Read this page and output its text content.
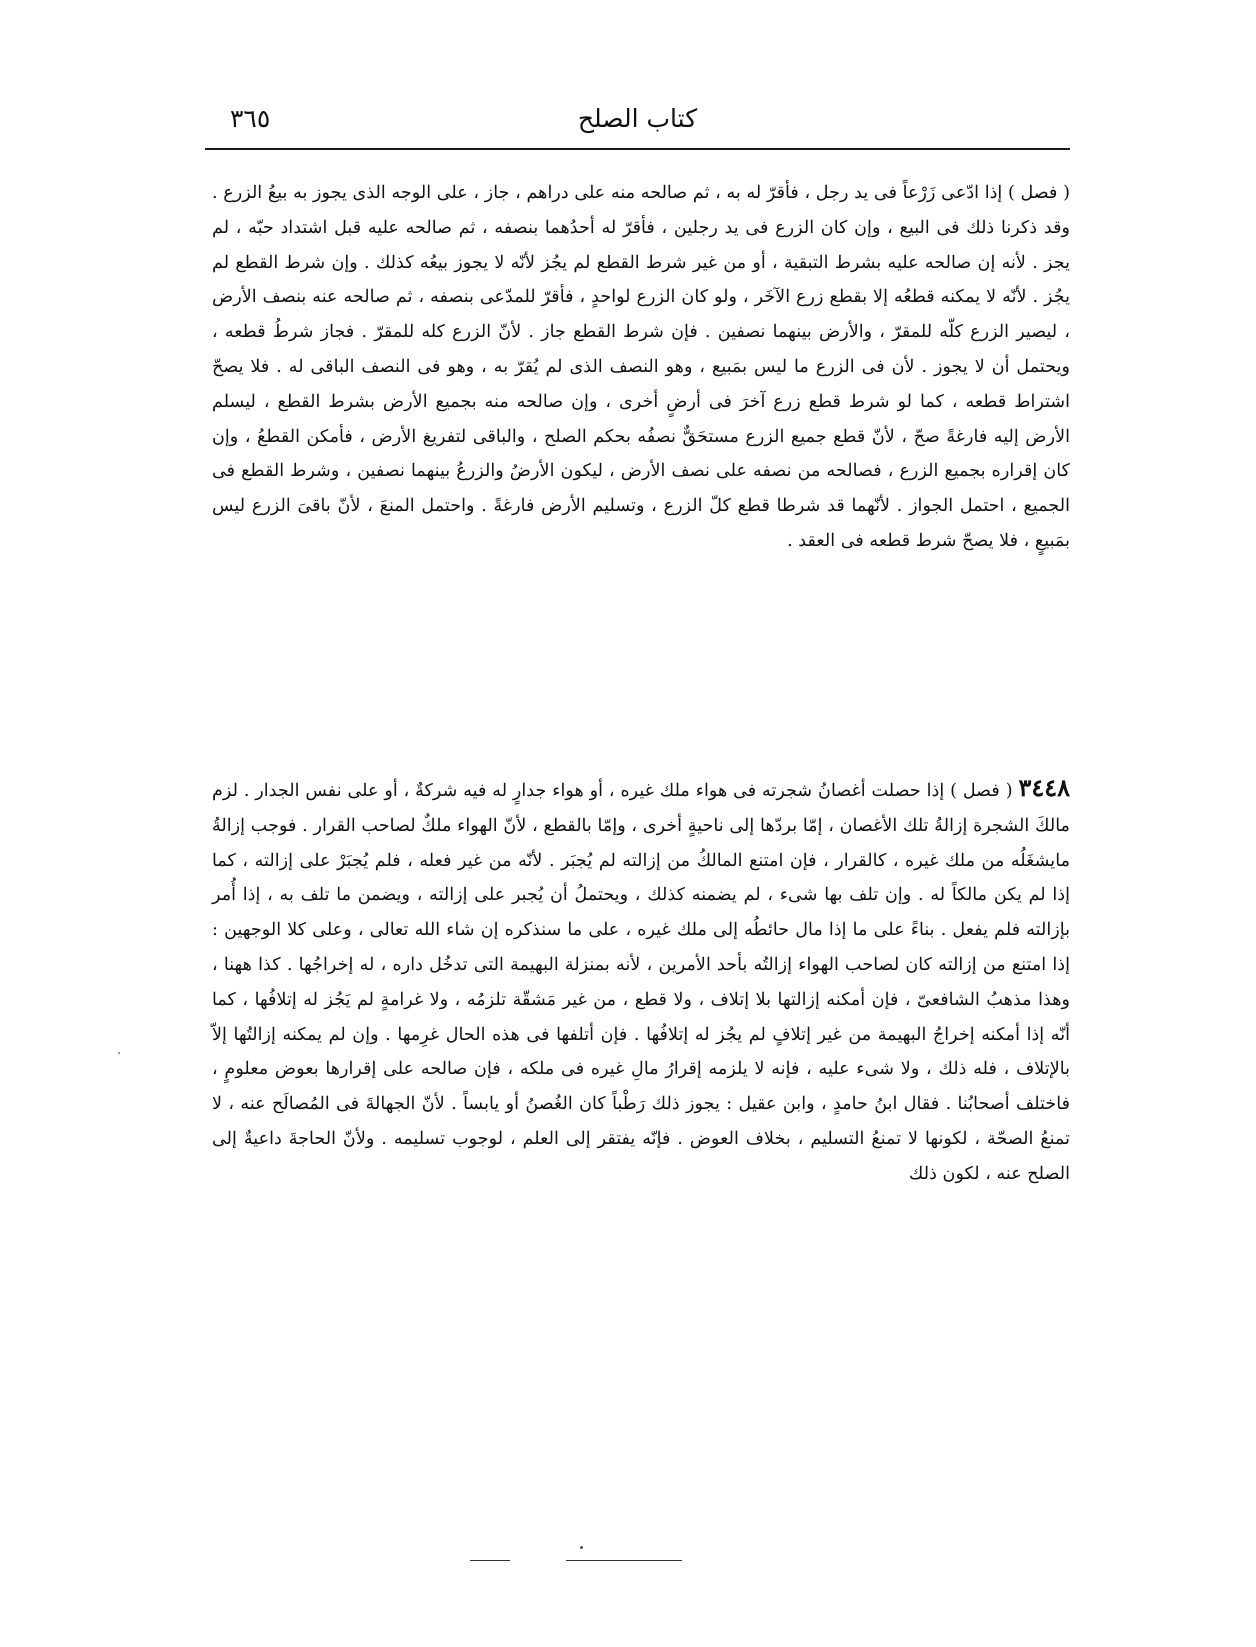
كتاب الصلح
٣٦٥

( فصل ) إذا ادّعى زَرْعاً فى يد رجل ، فأقرّ له به ، ثم صالحه منه على دراهم ، جاز ، على الوجه الذى يجوز به بيعُ الزرع . وقد ذكرنا ذلك فى البيع ، وإن كان الزرع فى يد رجلين ، فأقرّ له أحدُهما بنصفه ، ثم صالحه عليه قبل اشتداد حبّه ، لم يجز . لأنه إن صالحه عليه بشرط التبقية ، أو من غير شرط القطع لم يجُز لأنّه لا يجوز بيعُه كذلك . وإن شرط القطع لم يجُز . لأنّه لا يمكنه قطعُه إلا بقطع زرع الآخَر ، ولو كان الزرع لواحدٍ ، فأقرّ للمدّعى بنصفه ، ثم صالحه عنه بنصف الأرض ، ليصير الزرع كلّه للمقرّ ، والأرض بينهما نصفين . فإن شرط القطع جاز . لأنّ الزرع كله للمقرّ . فجاز شرطُ قطعه ، ويحتمل أن لا يجوز . لأن فى الزرع ما ليس بمَبيع ، وهو النصف الذى لم يُقرّ به ، وهو فى النصف الباقى له . فلا يصحّ اشتراط قطعه ، كما لو شرط قطع زرع آخرَ فى أرضٍ أخرى ، وإن صالحه منه بجميع الأرض بشرط القطع ، ليسلم الأرض إليه فارغةً صحّ ، لأنّ قطع جميع الزرع مستحَقٌّ نصفُه بحكم الصلح ، والباقى لتفريغ الأرض ، فأمكن القطعُ ، وإن كان إقراره بجميع الزرع ، فصالحه من نصفه على نصف الأرض ، ليكون الأرضُ والزرعُ بينهما نصفين ، وشرط القطع فى الجميع ، احتمل الجواز . لأنّهما قد شرطا قطع كلّ الزرع ، وتسليم الأرض فارغةً . واحتمل المنعَ ، لأنّ باقىَ الزرع ليس بمَبيعٍ ، فلا يصحّ شرط قطعه فى العقد .

٣٤٤٨ ( فصل ) إذا حصلت أغصانُ شجرته فى هواء ملك غيره ، أو هواء جدارٍ له فيه شركةٌ ، أو على نفس الجدار . لزم مالكَ الشجرة إزالةُ تلك الأغصان ، إمّا بردّها إلى ناحيةٍ أخرى ، وإمّا بالقطع ، لأنّ الهواء ملكٌ لصاحب القرار . فوجب إزالةُ مايشغَلُه من ملك غيره ، كالقرار ، فإن امتنع المالكُ من إزالته لم يُجبَر . لأنّه من غير فعله ، فلم يُجبَرْ على إزالته ، كما إذا لم يكن مالكاً له . وإن تلف بها شىء ، لم يضمنه كذلك ، ويحتملُ أن يُجبر على إزالته ، ويضمن ما تلف به ، إذا أُمر بإزالته فلم يفعل . بناءً على ما إذا مال حائطُه إلى ملك غيره ، على ما سنذكره إن شاء الله تعالى ، وعلى كلا الوجهين : إذا امتنع من إزالته كان لصاحب الهواء إزالتُه بأحد الأمرين ، لأنه بمنزلة البهيمة التى تدخُل داره ، له إخراجُها . كذا ههنا ، وهذا مذهبُ الشافعىّ ، فإن أمكنه إزالتها بلا إتلاف ، ولا قطع ، من غير مَشقّة تلزمُه ، ولا غرامةٍ لم يَجُز له إتلافُها ، كما أنّه إذا أمكنه إخراجُ البهيمة من غير إتلافٍ لم يجُز له إتلافُها . فإن أتلفها فى هذه الحال غرِمها . وإن لم يمكنه إزالتُها إلاّ بالإتلاف ، فله ذلك ، ولا شىء عليه ، فإنه لا يلزمه إقرارُ مالِ غيره فى ملكه ، فإن صالحه على إقرارها بعوض معلومٍ ، فاختلف أصحابُنا . فقال ابنُ حامدٍ ، وابن عقيل : يجوز ذلك رَطْباً كان الغُصنُ أو يابساً . لأنّ الجهالةَ فى المُصالَح عنه ، لا تمنعُ الصحّة ، لكونها لا تمنعُ التسليم ، بخلاف العوض . فإنّه يفتقر إلى العلم ، لوجوب تسليمه . ولأنّ الحاجةَ داعيةٌ إلى الصلح عنه ، لكون ذلك
